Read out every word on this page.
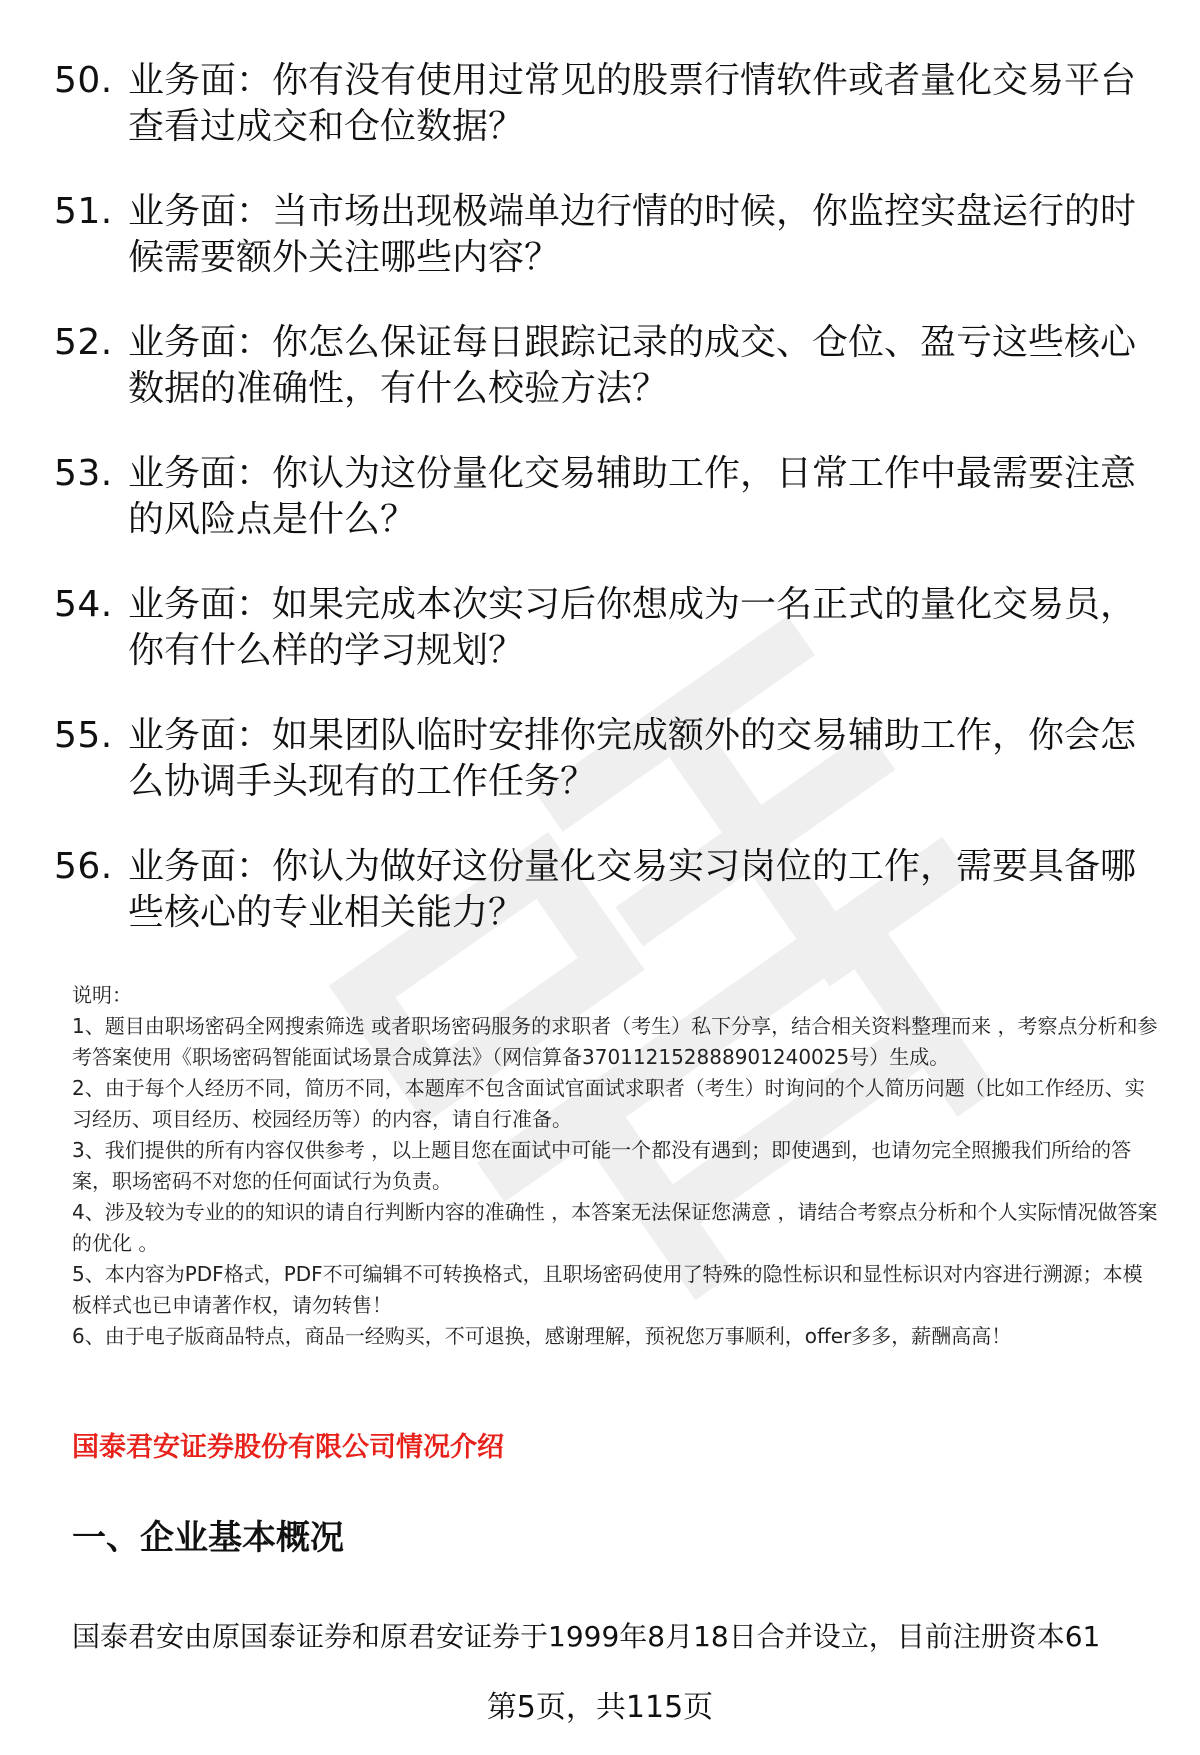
50. 业务面：你有没有使用过常见的股票行情软件或者量化交易平台查看过成交和仓位数据？
51. 业务面：当市场出现极端单边行情的时候，你监控实盘运行的时候需要额外关注哪些内容？
52. 业务面：你怎么保证每日跟踪记录的成交、仓位、盈亏这些核心数据的准确性，有什么校验方法？
53. 业务面：你认为这份量化交易辅助工作，日常工作中最需要注意的风险点是什么？
54. 业务面：如果完成本次实习后你想成为一名正式的量化交易员，你有什么样的学习规划？
55. 业务面：如果团队临时安排你完成额外的交易辅助工作，你会怎么协调手头现有的工作任务？
56. 业务面：你认为做好这份量化交易实习岗位的工作，需要具备哪些核心的专业相关能力？

说明：

1、题目由职场密码全网搜索筛选 或者职场密码服务的求职者（考生）私下分享，结合相关资料整理而来 ，考察点分析和参考答案使用《职场密码智能面试场景合成算法》（网信算备370112152888901240025号）生成。

2、由于每个人经历不同，简历不同，本题库不包含面试官面试求职者（考生）时询问的个人简历问题（比如工作经历、实习经历、项目经历、校园经历等）的内容，请自行准备。

3、我们提供的所有内容仅供参考 ，以上题目您在面试中可能一个都没有遇到；即使遇到，也请勿完全照搬我们所给的答案，职场密码不对您的任何面试行为负责。

4、涉及较为专业的的知识的请自行判断内容的准确性 ，本答案无法保证您满意 ，请结合考察点分析和个人实际情况做答案的优化 。

5、本内容为PDF格式，PDF不可编辑不可转换格式，且职场密码使用了特殊的隐性标识和显性标识对内容进行溯源；本模板样式也已申请著作权，请勿转售！

6、由于电子版商品特点，商品一经购买，不可退换，感谢理解，预祝您万事顺利，offer多多，薪酬高高！

国泰君安证券股份有限公司情况介绍
一、企业基本概况
国泰君安由原国泰证券和原君安证券于1999年8月18日合并设立，目前注册资本61
第5页，共115页
